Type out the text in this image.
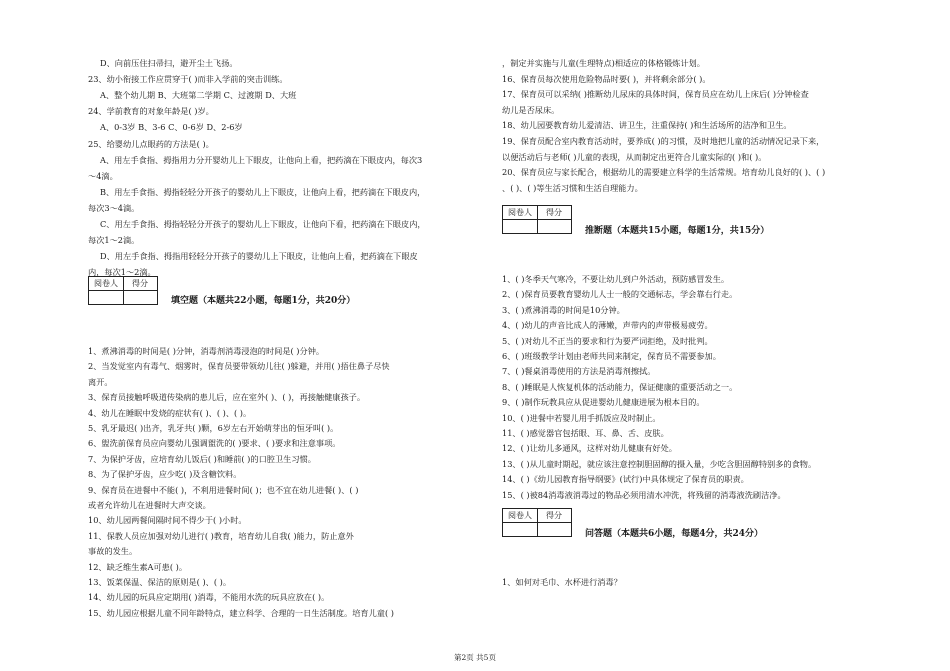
D、向前压住扫帚扫，避开尘土飞扬。
23、幼小衔接工作应贯穿于( )而非入学前的突击训练。
A、整个幼儿期 B、大班第二学期 C、过渡期 D、大班
24、学前教育的对象年龄是( )岁。
A、0-3岁 B、3-6 C、0-6岁 D、2-6岁
25、给婴幼儿点眼药的方法是( )。
A、用左手食指、拇指用力分开婴幼儿上下眼皮，让他向上看，把药滴在下眼皮内，每次3
～4滴。
B、用左手食指、拇指轻轻分开孩子的婴幼儿上下眼皮，让他向上看，把药滴在下眼皮内，
每次3～4滴。
C、用左手食指、拇指轻轻分开孩子的婴幼儿上下眼皮，让他向下看，把药滴在下眼皮内，
每次1～2滴。
D、用左手食指、拇指用轻轻分开孩子的婴幼儿上下眼皮，让他向上看，把药滴在下眼皮
内，每次1～2滴。
阅卷人	得分
填空题（本题共22小题，每题1分，共20分）
1、煮沸消毒的时间是( )分钟，消毒剂消毒浸泡的时间是( )分钟。
2、当发觉室内有毒气、烟雾时，保育员要带领幼儿往( )躲避，并用( )捂住鼻子尽快
离开。
3、保育员接触呼吸道传染病的患儿后，应在室外( )、( )，再接触健康孩子。
4、幼儿在睡眠中发烧的症状有( )、( )、( )。
5、乳牙最迟( )出齐，乳牙共( )颗，6岁左右开始萌芽出的恒牙叫( )。
6、盥洗前保育员应向婴幼儿强调盥洗的( )要求、( )要求和注意事项。
7、为保护牙齿，应培育幼儿饭后( )和睡前( )的口腔卫生习惯。
8、为了保护牙齿，应少吃( )及含糖饮料。
9、保育员在进餐中不能( )，不利用进餐时间( )；也不宜在幼儿进餐( )、( )
或者允许幼儿在进餐时大声交谈。
10、幼儿园两餐间隔时间不得少于( )小时。
11、保教人员应加强对幼儿进行( )教育，培育幼儿自我( )能力，防止意外
事故的发生。
12、缺乏维生素A可患( )。
13、饭菜保温、保洁的原则是( )、( )。
14、幼儿园的玩具应定期用( )消毒，不能用水洗的玩具应放在( )。
15、幼儿园应根据儿童不同年龄特点，建立科学、合理的一日生活制度。培育儿童( )
，制定并实施与儿童(生理特点)相适应的体格锻炼计划。
16、保育员每次使用危险物品时要( )，并将剩余部分( )。
17、保育员可以采纳( )推断幼儿尿床的具体时间，保育员应在幼儿上床后( )分钟检查
幼儿是否尿床。
18、幼儿园要教育幼儿爱清洁、讲卫生，注重保持( )和生活场所的洁净和卫生。
19、保育员配合室内教育活动时，要养成( )的习惯，及时地把儿童的活动情况记录下来，
以便活动后与老师( )儿童的表现，从而制定出更符合儿童实际的( )和( )。
20、保育员应与家长配合，根据幼儿的需要建立科学的生活常规。培育幼儿良好的( )、( )
、( )、( )等生活习惯和生活自理能力。
阅卷人	得分
推断题（本题共15小题，每题1分，共15分）
1、( )冬季天气寒冷，不要让幼儿到户外活动，预防感冒发生。
2、( )保育员要教育婴幼儿人士一般的交通标志，学会靠右行走。
3、( )煮沸消毒的时间是10分钟。
4、( )幼儿的声音比成人的薄嫩，声带内的声带极易疲劳。
5、( )对幼儿不正当的要求和行为要严词拒绝，及时批判。
6、( )班级教学计划由老师共同来制定，保育员不需要参加。
7、( )餐桌消毒使用的方法是消毒剂擦拭。
8、( )睡眠是人恢复机体的活动能力，保证健康的重要活动之一。
9、( )制作玩教具应从促进婴幼儿健康进展为根本目的。
10、( )进餐中若婴儿用手抓饭应及时制止。
11、( )感觉器官包括眼、耳、鼻、舌、皮肤。
12、( )让幼儿多通风，这样对幼儿健康有好处。
13、( )从儿童时期起，就应该注意控制胆固醇的摄入量，少吃含胆固醇特别多的食物。
14、( )《幼儿园教育指导纲要》(试行)中具体规定了保育员的职责。
15、( )被84消毒液消毒过的物品必须用清水冲洗，将残留的消毒液洗刷洁净。
阅卷人	得分
问答题（本题共6小题，每题4分，共24分）
1、如何对毛巾、水杯进行消毒？
第2页 共5页
